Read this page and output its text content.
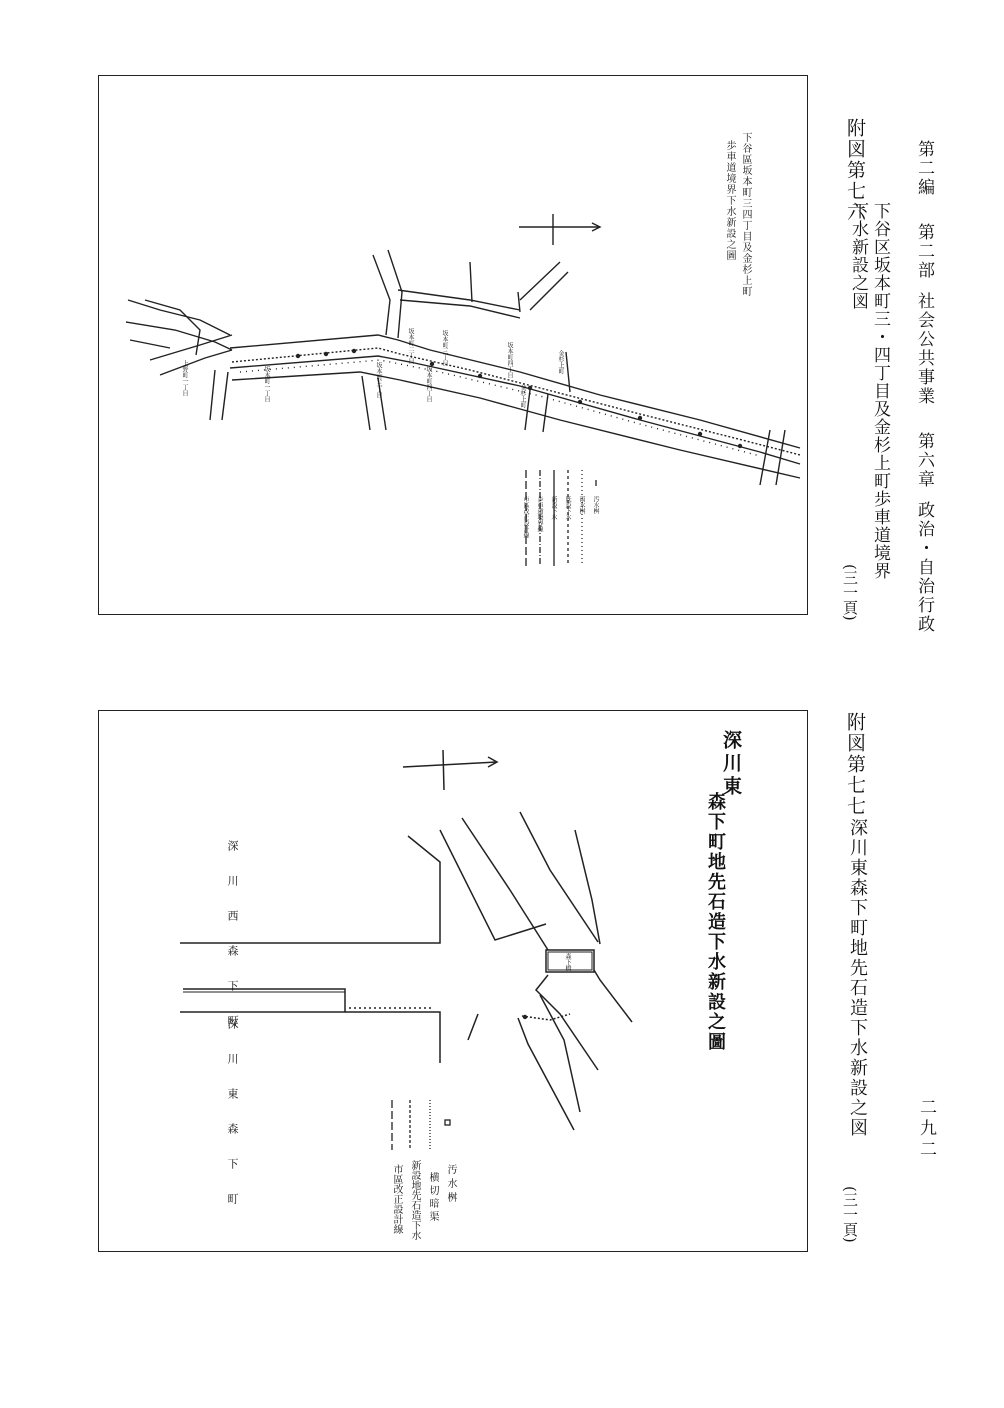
第二編第二部社会公共事業第六章政治・自治行政
二九二
附図第七六
下谷区坂本町三・四丁目及金杉上町歩車道境界
下水新設之図
(三一頁)
下谷區坂本町三四丁目及金杉上町
歩車道境界下水新設之圖
坂本町二丁目	坂本町三丁目	坂本町四丁目	金杉上町
坂本町三丁目	坂本町四丁目	金杉上町
坂本町一丁目
上野町一丁目
汚水桝
雨水桝
既設下水
新設下水
歩車道境界線
市區改正設計線
附図第七七
深川東森下町地先石造下水新設之図
(三一頁)
深川東
森下町地先石造下水新設之圖
深川西森下町
深川東森下町
森下橋
汚水桝
横切暗渠
新設地先石造下水
市區改正設計線
